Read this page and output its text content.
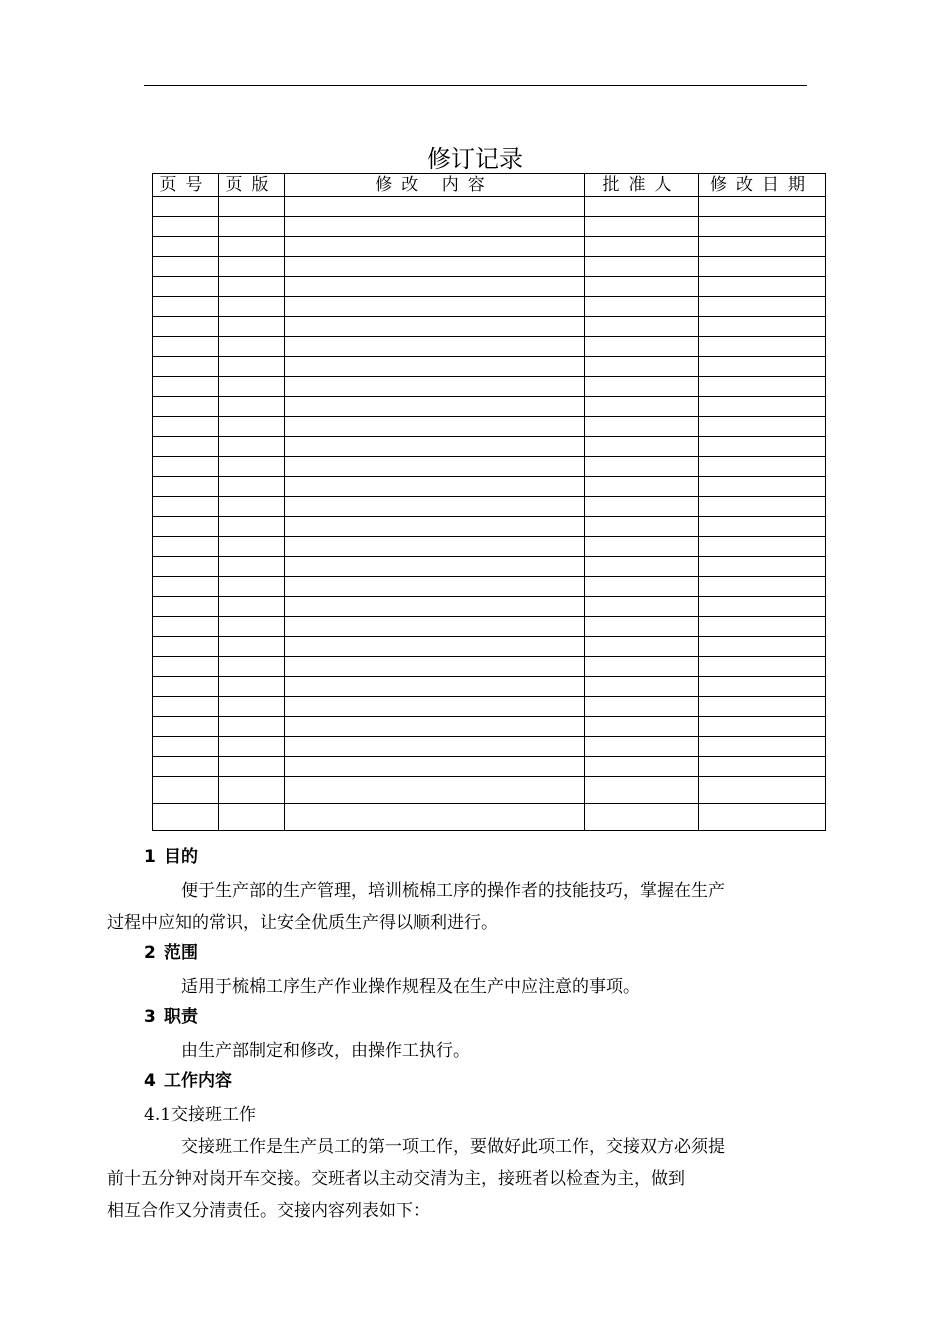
修订记录
页号	页版	修改 内容	批准人	修改日期

1 目的

便于生产部的生产管理，培训梳棉工序的操作者的技能技巧，掌握在生产
过程中应知的常识，让安全优质生产得以顺利进行。

2 范围

适用于梳棉工序生产作业操作规程及在生产中应注意的事项。

3 职责

由生产部制定和修改，由操作工执行。

4 工作内容
4.1交接班工作

交接班工作是生产员工的第一项工作，要做好此项工作，交接双方必须提
前十五分钟对岗开车交接。交班者以主动交清为主，接班者以检查为主，做到
相互合作又分清责任。交接内容列表如下：
